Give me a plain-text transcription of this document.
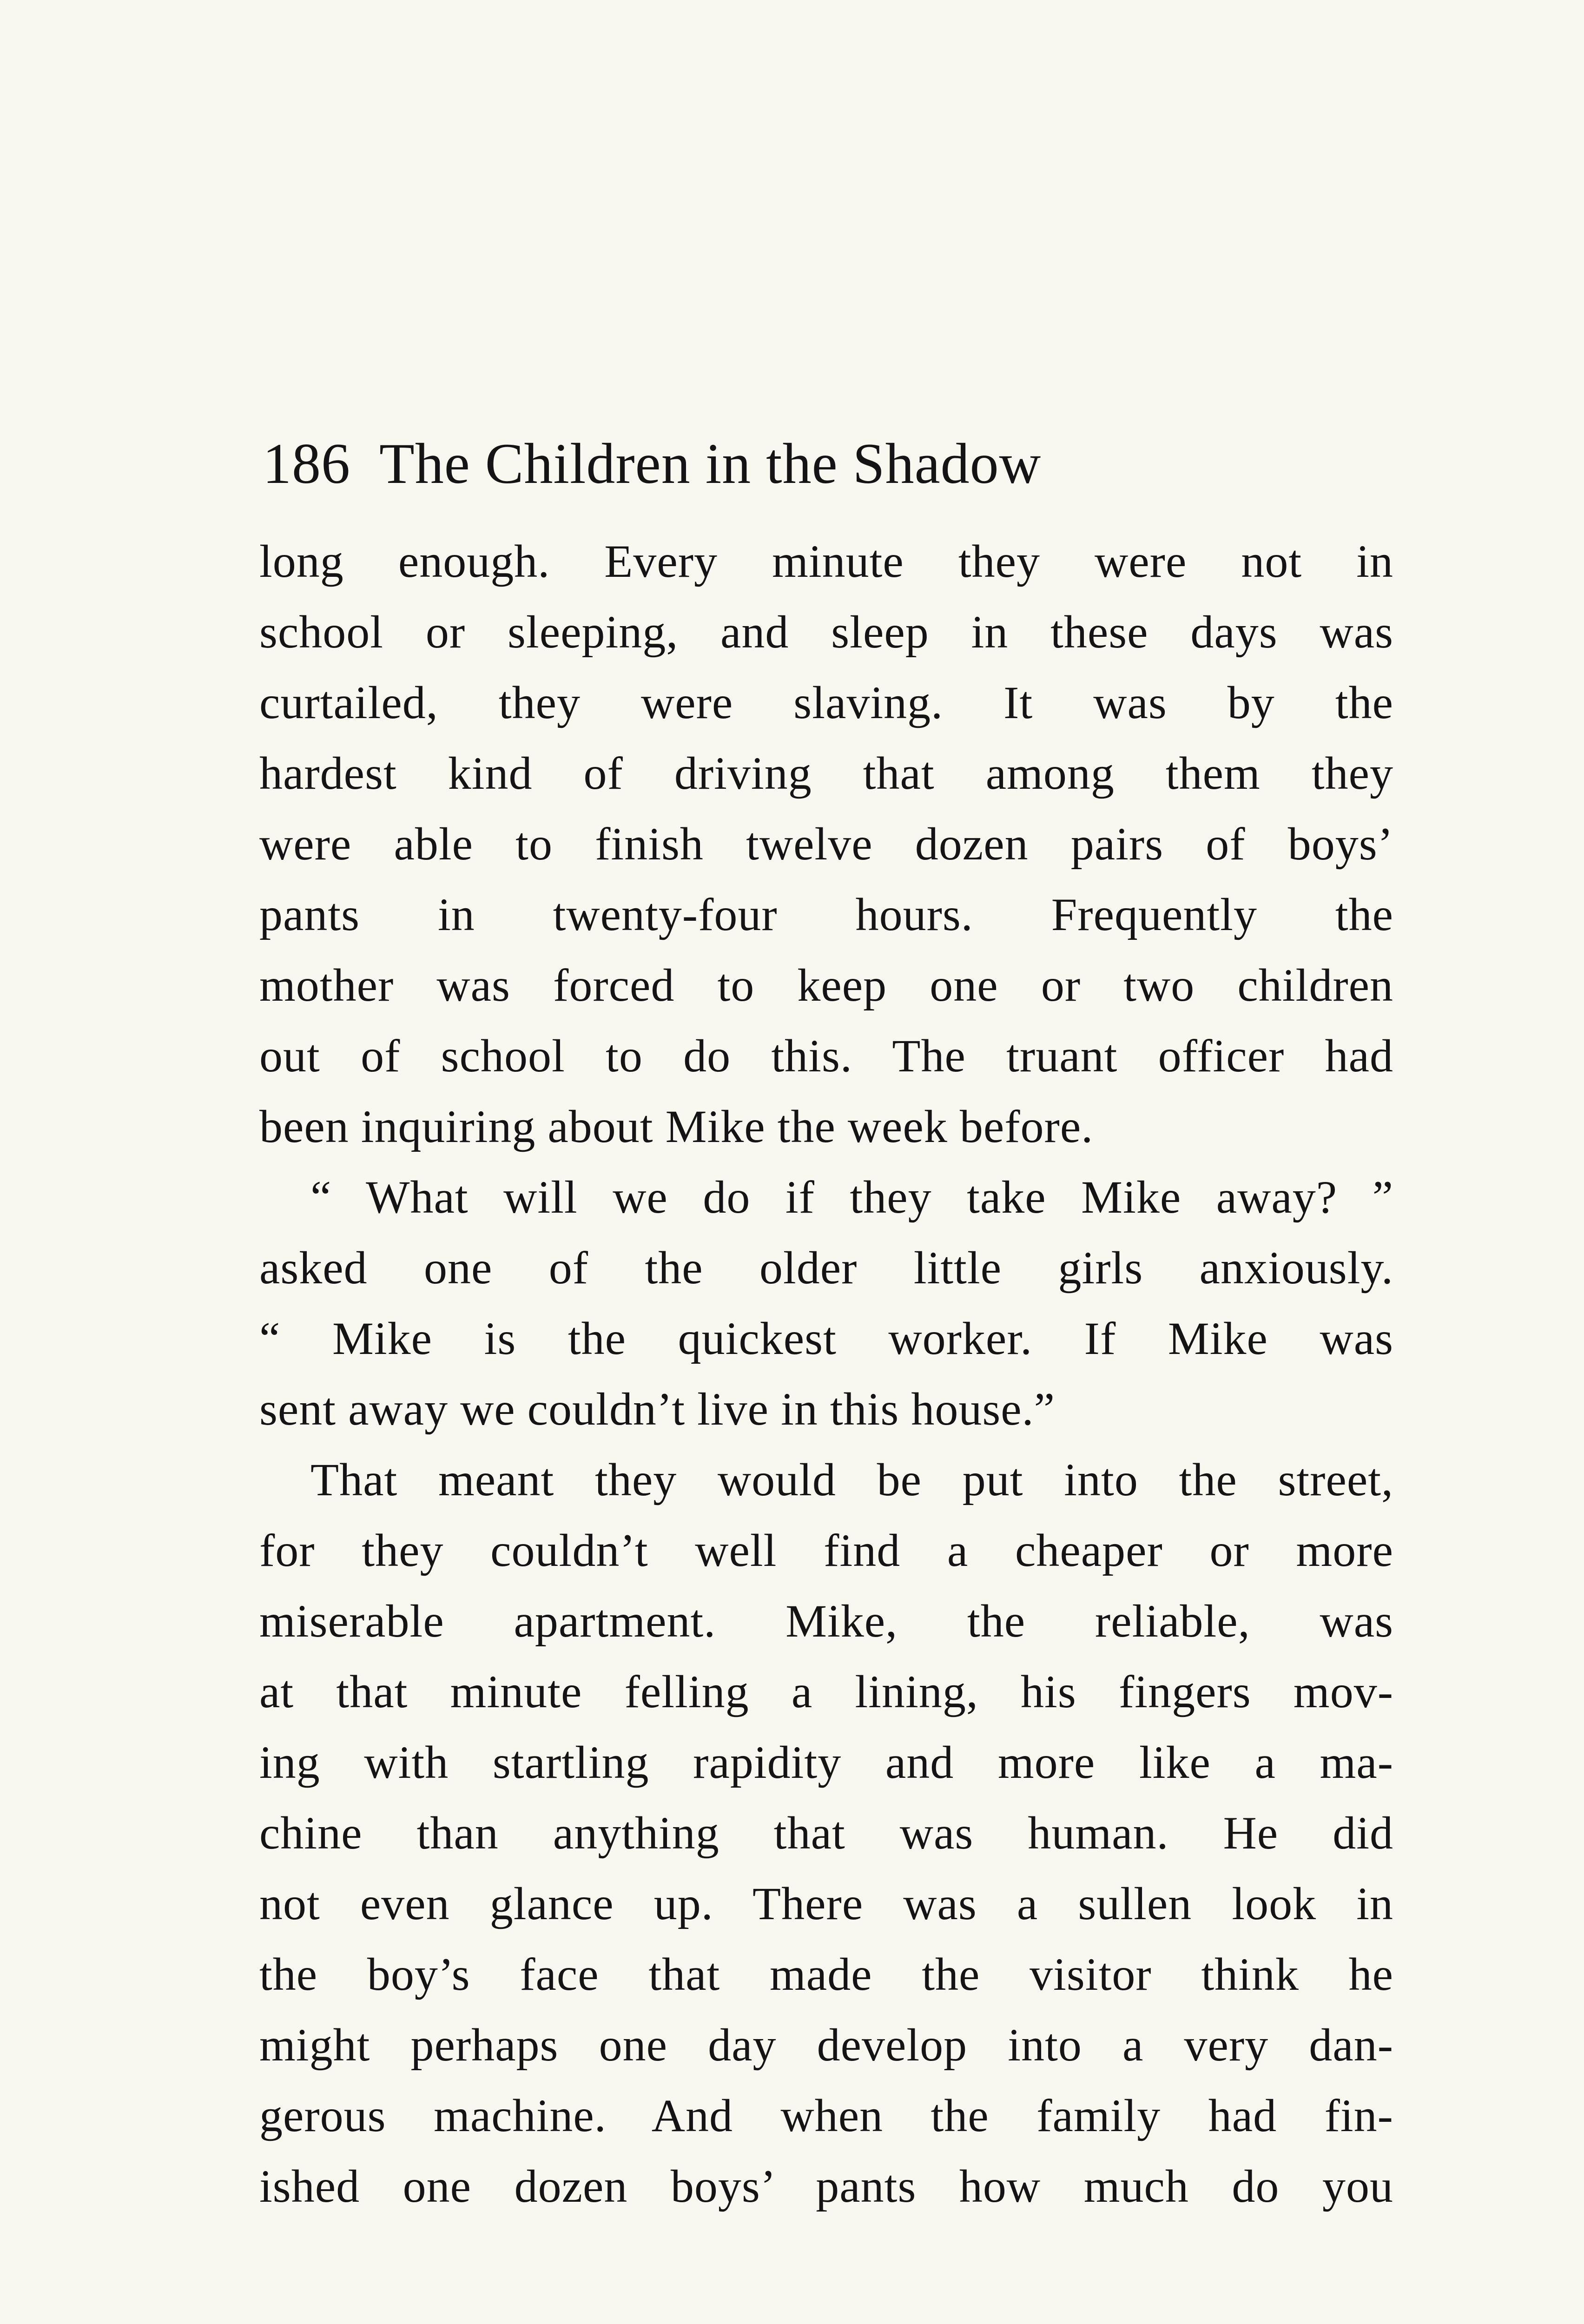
186 The Children in the Shadow
long enough. Every minute they were not in
school or sleeping, and sleep in these days was
curtailed, they were slaving. It was by the
hardest kind of driving that among them they
were able to finish twelve dozen pairs of boys’
pants in twenty-four hours. Frequently the
mother was forced to keep one or two children
out of school to do this. The truant officer had
been inquiring about Mike the week before.
“ What will we do if they take Mike away? ”
asked one of the older little girls anxiously.
“ Mike is the quickest worker. If Mike was
sent away we couldn’t live in this house.”
That meant they would be put into the street,
for they couldn’t well find a cheaper or more
miserable apartment. Mike, the reliable, was
at that minute felling a lining, his fingers mov-
ing with startling rapidity and more like a ma-
chine than anything that was human. He did
not even glance up. There was a sullen look in
the boy’s face that made the visitor think he
might perhaps one day develop into a very dan-
gerous machine. And when the family had fin-
ished one dozen boys’ pants how much do you
